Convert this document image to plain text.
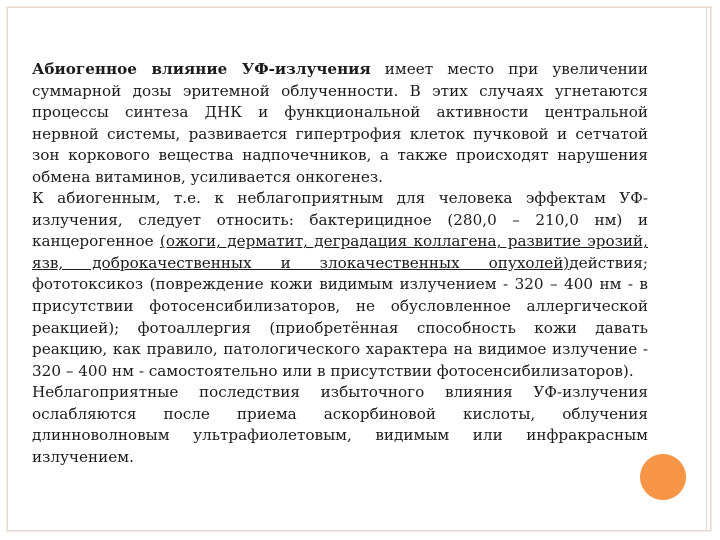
Абиогенное влияние УФ-излучения имеет место при увеличении суммарной дозы эритемной облученности. В этих случаях угнетаются процессы синтеза ДНК и функциональной активности центральной нервной системы, развивается гипертрофия клеток пучковой и сетчатой зон коркового вещества надпочечников, а также происходят нарушения обмена витаминов, усиливается онкогенез.

К абиогенным, т.е. к неблагоприятным для человека эффектам УФ-излучения, следует относить: бактерицидное (280,0 – 210,0 нм) и канцерогенное (ожоги, дерматит, деградация коллагена, развитие эрозий, язв, доброкачественных и злокачественных опухолей)действия; фототоксикоз (повреждение кожи видимым излучением - 320 – 400 нм - в присутствии фотосенсибилизаторов, не обусловленное аллергической реакцией); фотоаллергия (приобретённая способность кожи давать реакцию, как правило, патологического характера на видимое излучение - 320 – 400 нм - самостоятельно или в присутствии фотосенсибилизаторов).

Неблагоприятные последствия избыточного влияния УФ-излучения ослабляются после приема аскорбиновой кислоты, облучения длинноволновым ультрафиолетовым, видимым или инфракрасным излучением.
